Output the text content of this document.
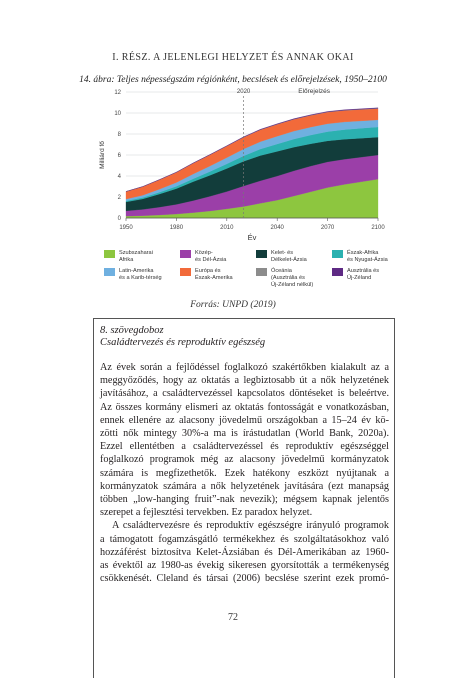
I. RÉSZ. A JELENLEGI HELYZET ÉS ANNAK OKAI
14. ábra: Teljes népességszám régiónként, becslések és előrejelzések, 1950–2100
0
2
4
6
8
10
12
1950	1980	2010	2040	2070	2100
2020	Előrejelzés
Év
Milliárd fő
Szubszaharai
Afrika
Közép-
és Dél-Ázsia
Kelet- és
Délkelet-Ázsia
Észak-Afrika
és Nyugat-Ázsia
Latin-Amerika
és a Karib-térség
Európa és
Észak-Amerika
Óceánia
(Ausztrália és
Új-Zéland nélkül)
Ausztrália és
Új-Zéland
Forrás: UNPD (2019)
8. szövegdoboz
Családtervezés és reproduktív egészség

Az évek során a fejlődéssel foglalkozó szakértőkben kialakult az a
meggyőződés, hogy az oktatás a legbiztosabb út a nők helyzetének
javításához, a családtervezéssel kapcsolatos döntéseket is beleértve.
Az összes kormány elismeri az oktatás fontosságát e vonatkozásban,
ennek ellenére az alacsony jövedelmű országokban a 15–24 év kö-
zötti nők mintegy 30%-a ma is írástudatlan (World Bank, 2020a).
Ezzel ellentétben a családtervezéssel és reproduktív egészséggel
foglalkozó programok még az alacsony jövedelmű kormányzatok
számára is megfizethetők. Ezek hatékony eszközt nyújtanak a
kormányzatok számára a nők helyzetének javítására (ezt manapság
többen „low-hanging fruit”-nak nevezik); mégsem kapnak jelentős
szerepet a fejlesztési tervekben. Ez paradox helyzet.

A családtervezésre és reproduktív egészségre irányuló programok
a támogatott fogamzásgátló termékekhez és szolgáltatásokhoz való
hozzáférést biztosítva Kelet-Ázsiában és Dél-Amerikában az 1960-
as évektől az 1980-as évekig sikeresen gyorsították a termékenység
csökkenését. Cleland és társai (2006) becslése szerint ezek promó-

72
